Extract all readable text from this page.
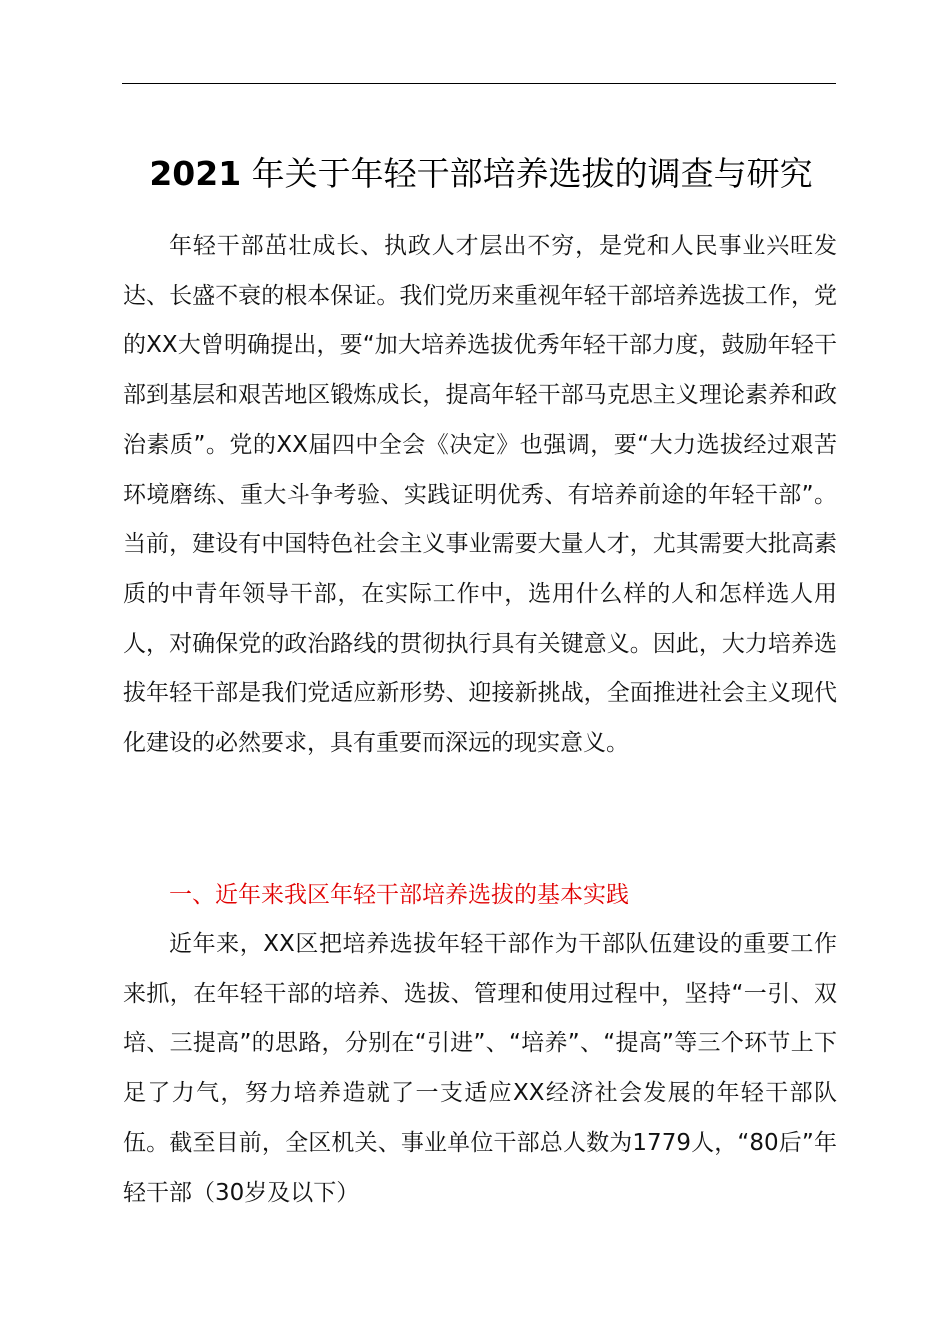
2021 年关于年轻干部培养选拔的调查与研究

年轻干部茁壮成长、执政人才层出不穷，是党和人民事业兴旺发达、长盛不衰的根本保证。我们党历来重视年轻干部培养选拔工作，党的XX大曾明确提出，要“加大培养选拔优秀年轻干部力度，鼓励年轻干部到基层和艰苦地区锻炼成长，提高年轻干部马克思主义理论素养和政治素质”。党的XX届四中全会《决定》也强调，要“大力选拔经过艰苦环境磨练、重大斗争考验、实践证明优秀、有培养前途的年轻干部”。当前，建设有中国特色社会主义事业需要大量人才，尤其需要大批高素质的中青年领导干部，在实际工作中，选用什么样的人和怎样选人用人，对确保党的政治路线的贯彻执行具有关键意义。因此，大力培养选拔年轻干部是我们党适应新形势、迎接新挑战，全面推进社会主义现代化建设的必然要求，具有重要而深远的现实意义。

一、近年来我区年轻干部培养选拔的基本实践

近年来，XX区把培养选拔年轻干部作为干部队伍建设的重要工作来抓，在年轻干部的培养、选拔、管理和使用过程中，坚持“一引、双培、三提高”的思路，分别在“引进”、“培养”、“提高”等三个环节上下足了力气，努力培养造就了一支适应XX经济社会发展的年轻干部队伍。截至目前，全区机关、事业单位干部总人数为1779人，“80后”年轻干部（30岁及以下）
